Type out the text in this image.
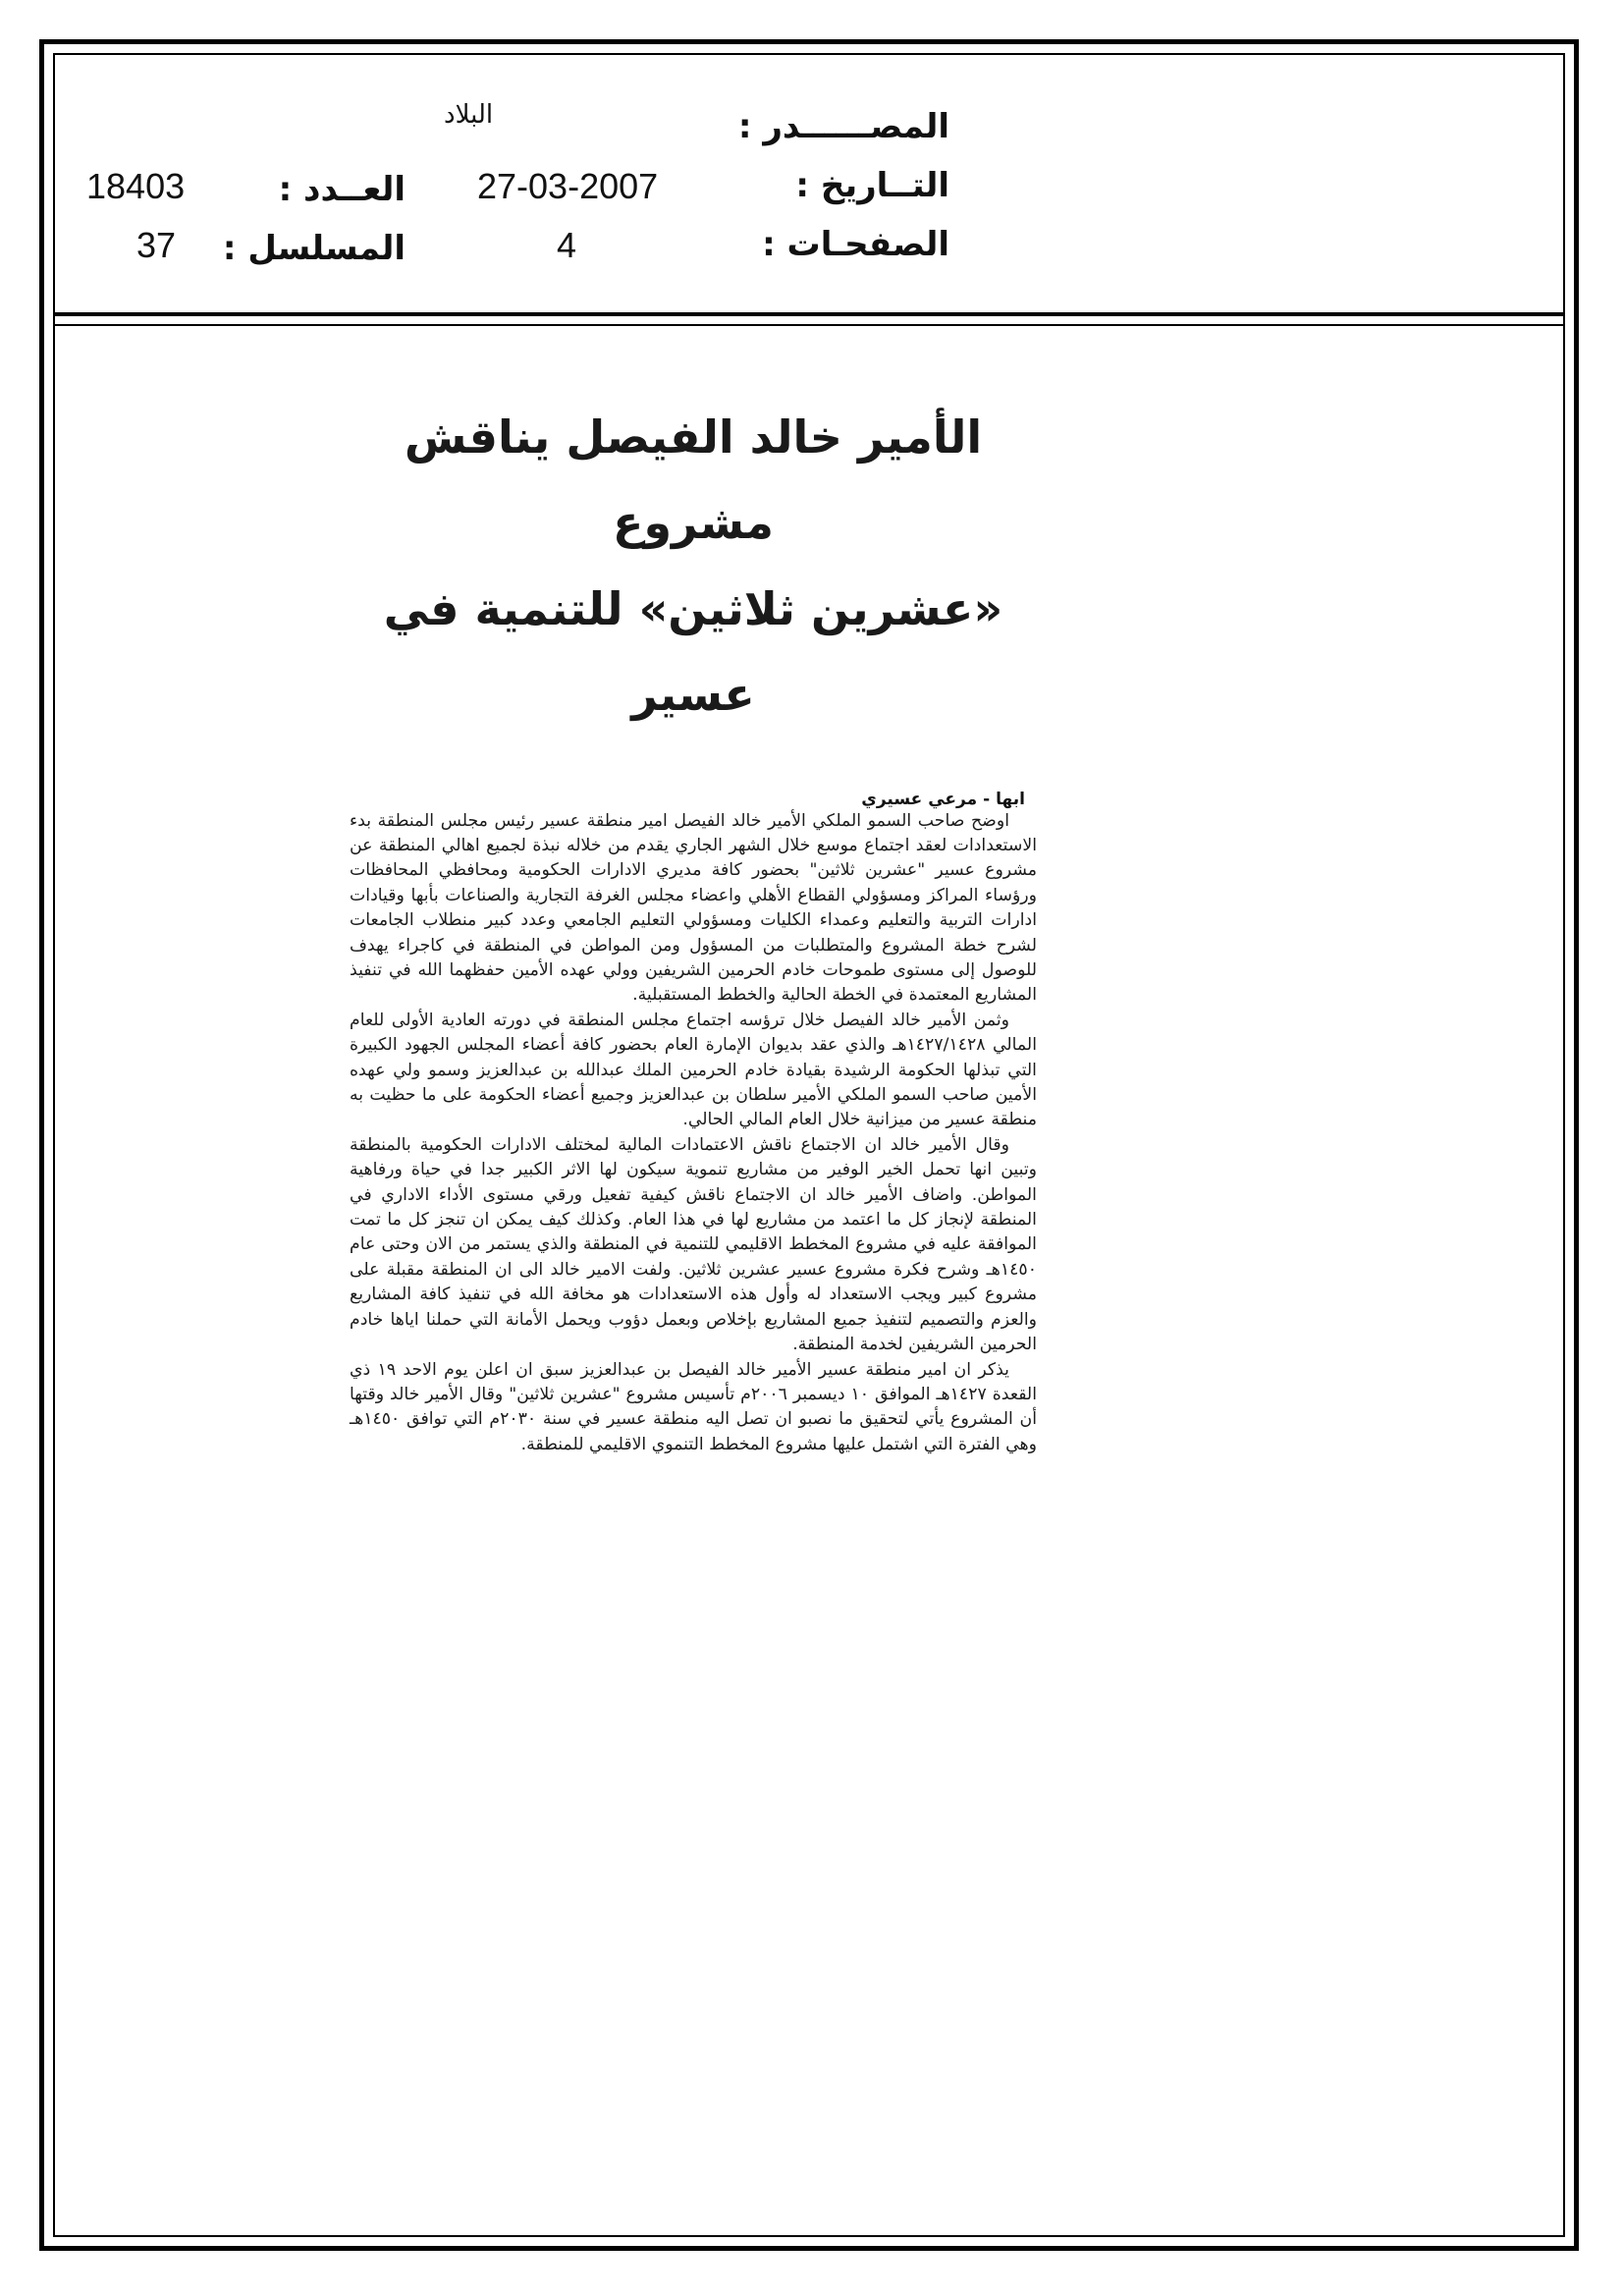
المصــــــدر :
البلاد
التــاريخ :
27-03-2007
العــدد :
18403
الصفحـات :
4
المسلسل :
37

الأمير خالد الفيصل يناقش مشروع

«عشرين ثلاثين» للتنمية في عسير

ابها-مرعي عسيري

اوضح صاحب السمو الملكي الأمير خالد الفيصل امير منطقة عسير رئيس مجلس المنطقة بدء الاستعدادات لعقد اجتماع موسع خلال الشهر الجاري يقدم من خلاله نبذة لجميع اهالي المنطقة عن مشروع عسير "عشرين ثلاثين" بحضور كافة مديري الادارات الحكومية ومحافظي المحافظات ورؤساء المراكز ومسؤولي القطاع الأهلي واعضاء مجلس الغرفة التجارية والصناعات بأبها وقيادات ادارات التربية والتعليم وعمداء الكليات ومسؤولي التعليم الجامعي وعدد كبير منطلاب الجامعات لشرح خطة المشروع والمتطلبات من المسؤول ومن المواطن في المنطقة في كاجراء يهدف للوصول إلى مستوى طموحات خادم الحرمين الشريفين وولي عهده الأمين حفظهما الله في تنفيذ المشاريع المعتمدة في الخطة الحالية والخطط المستقبلية.

وثمن الأمير خالد الفيصل خلال ترؤسه اجتماع مجلس المنطقة في دورته العادية الأولى للعام المالي ١٤٢٧/١٤٢٨هـ والذي عقد بديوان الإمارة العام بحضور كافة أعضاء المجلس الجهود الكبيرة التي تبذلها الحكومة الرشيدة بقيادة خادم الحرمين الملك عبدالله بن عبدالعزيز وسمو ولي عهده الأمين صاحب السمو الملكي الأمير سلطان بن عبدالعزيز وجميع أعضاء الحكومة على ما حظيت به منطقة عسير من ميزانية خلال العام المالي الحالي.

وقال الأمير خالد ان الاجتماع ناقش الاعتمادات المالية لمختلف الادارات الحكومية بالمنطقة وتبين انها تحمل الخير الوفير من مشاريع تنموية سيكون لها الاثر الكبير جدا في حياة ورفاهية المواطن. واضاف الأمير خالد ان الاجتماع ناقش كيفية تفعيل ورقي مستوى الأداء الاداري في المنطقة لإنجاز كل ما اعتمد من مشاريع لها في هذا العام. وكذلك كيف يمكن ان تنجز كل ما تمت الموافقة عليه في مشروع المخطط الاقليمي للتنمية في المنطقة والذي يستمر من الان وحتى عام ١٤٥٠هـ وشرح فكرة مشروع عسير عشرين ثلاثين. ولفت الامير خالد الى ان المنطقة مقبلة على مشروع كبير ويجب الاستعداد له وأول هذه الاستعدادات هو مخافة الله في تنفيذ كافة المشاريع والعزم والتصميم لتنفيذ جميع المشاريع بإخلاص وبعمل دؤوب ويحمل الأمانة التي حملنا اياها خادم الحرمين الشريفين لخدمة المنطقة.

يذكر ان امير منطقة عسير الأمير خالد الفيصل بن عبدالعزيز سبق ان اعلن يوم الاحد ١٩ ذي القعدة ١٤٢٧هـ الموافق ١٠ ديسمبر ٢٠٠٦م تأسيس مشروع "عشرين ثلاثين" وقال الأمير خالد وقتها أن المشروع يأتي لتحقيق ما نصبو ان تصل اليه منطقة عسير في سنة ٢٠٣٠م التي توافق ١٤٥٠هـ وهي الفترة التي اشتمل عليها مشروع المخطط التنموي الاقليمي للمنطقة.
